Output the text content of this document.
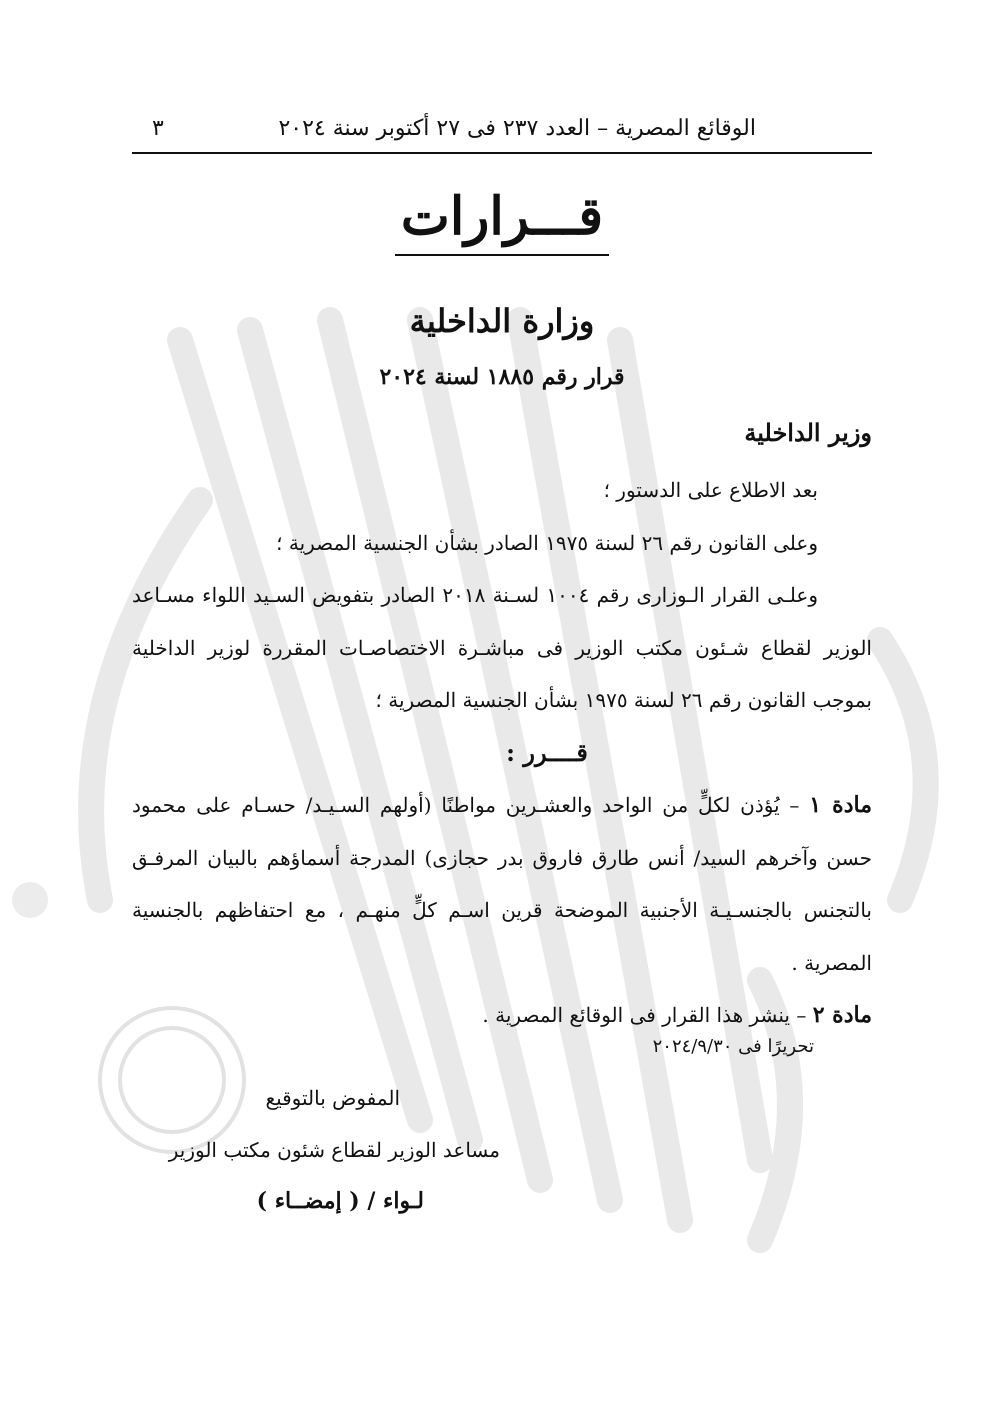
الوقائع المصرية – العدد ٢٣٧ فى ٢٧ أكتوبر سنة ٢٠٢٤
٣
قـــرارات
وزارة الداخلية
قرار رقم ١٨٨٥ لسنة ٢٠٢٤
وزير الداخلية

بعد الاطلاع على الدستور ؛

وعلى القانون رقم ٢٦ لسنة ١٩٧٥ الصادر بشأن الجنسية المصرية ؛

وعلـى القرار الـوزارى رقم ١٠٠٤ لسـنة ٢٠١٨ الصادر بتفويض السـيد اللواء مسـاعد الوزير لقطاع شـئون مكتب الوزير فى مباشـرة الاختصاصـات المقررة لوزير الداخلية بموجب القانون رقم ٢٦ لسنة ١٩٧٥ بشأن الجنسية المصرية ؛

قــــرر :

مادة ١ – يُؤذن لكلٍّ من الواحد والعشـرين مواطنًا (أولهم السـيـد/ حسـام على محمود حسن وآخرهم السيد/ أنس طارق فاروق بدر حجازى) المدرجة أسماؤهم بالبيان المرفـق بالتجنس بالجنسـيـة الأجنبية الموضحة قرين اسـم كلٍّ منهـم ، مع احتفاظهم بالجنسية المصرية .

مادة ٢ – ينشر هذا القرار فى الوقائع المصرية .

تحريرًا فى ٢٠٢٤/٩/٣٠
المفوض بالتوقيع
مساعد الوزير لقطاع شئون مكتب الوزير
لـواء / ( إمضــاء )
